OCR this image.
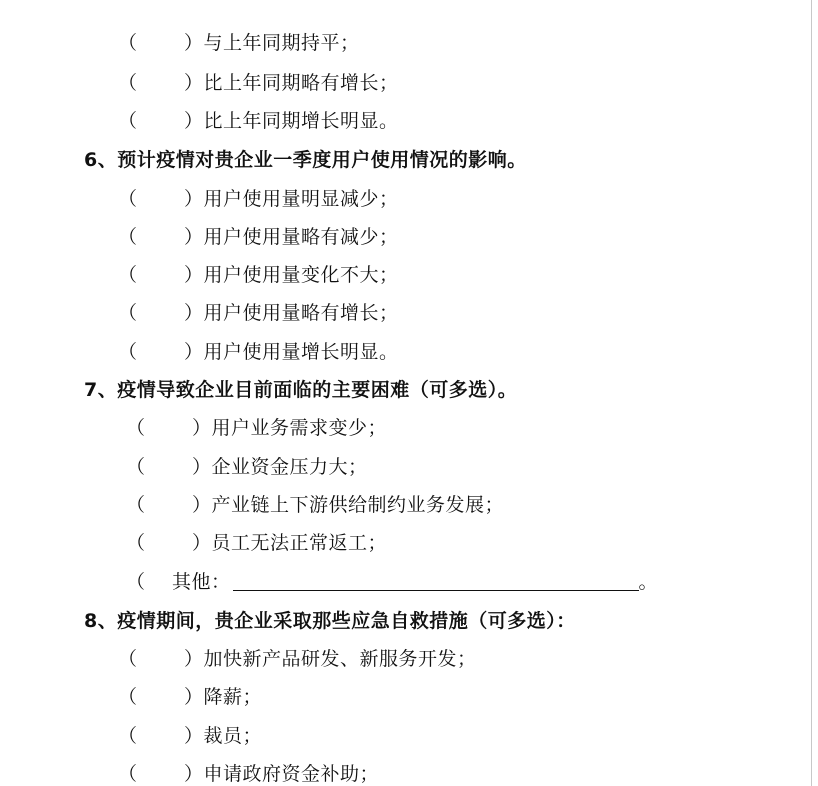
（ ）与上年同期持平；
（ ）比上年同期略有增长；
（ ）比上年同期增长明显。
6、预计疫情对贵企业一季度用户使用情况的影响。
（ ）用户使用量明显减少；
（ ）用户使用量略有减少；
（ ）用户使用量变化不大；
（ ）用户使用量略有增长；
（ ）用户使用量增长明显。
7、疫情导致企业目前面临的主要困难（可多选）。
（ ）用户业务需求变少；
（ ）企业资金压力大；
（ ）产业链上下游供给制约业务发展；
（ ）员工无法正常返工；
（ 其他：	。
8、疫情期间，贵企业采取那些应急自救措施（可多选）：
（ ）加快新产品研发、新服务开发；
（ ）降薪；
（ ）裁员；
（ ）申请政府资金补助；
